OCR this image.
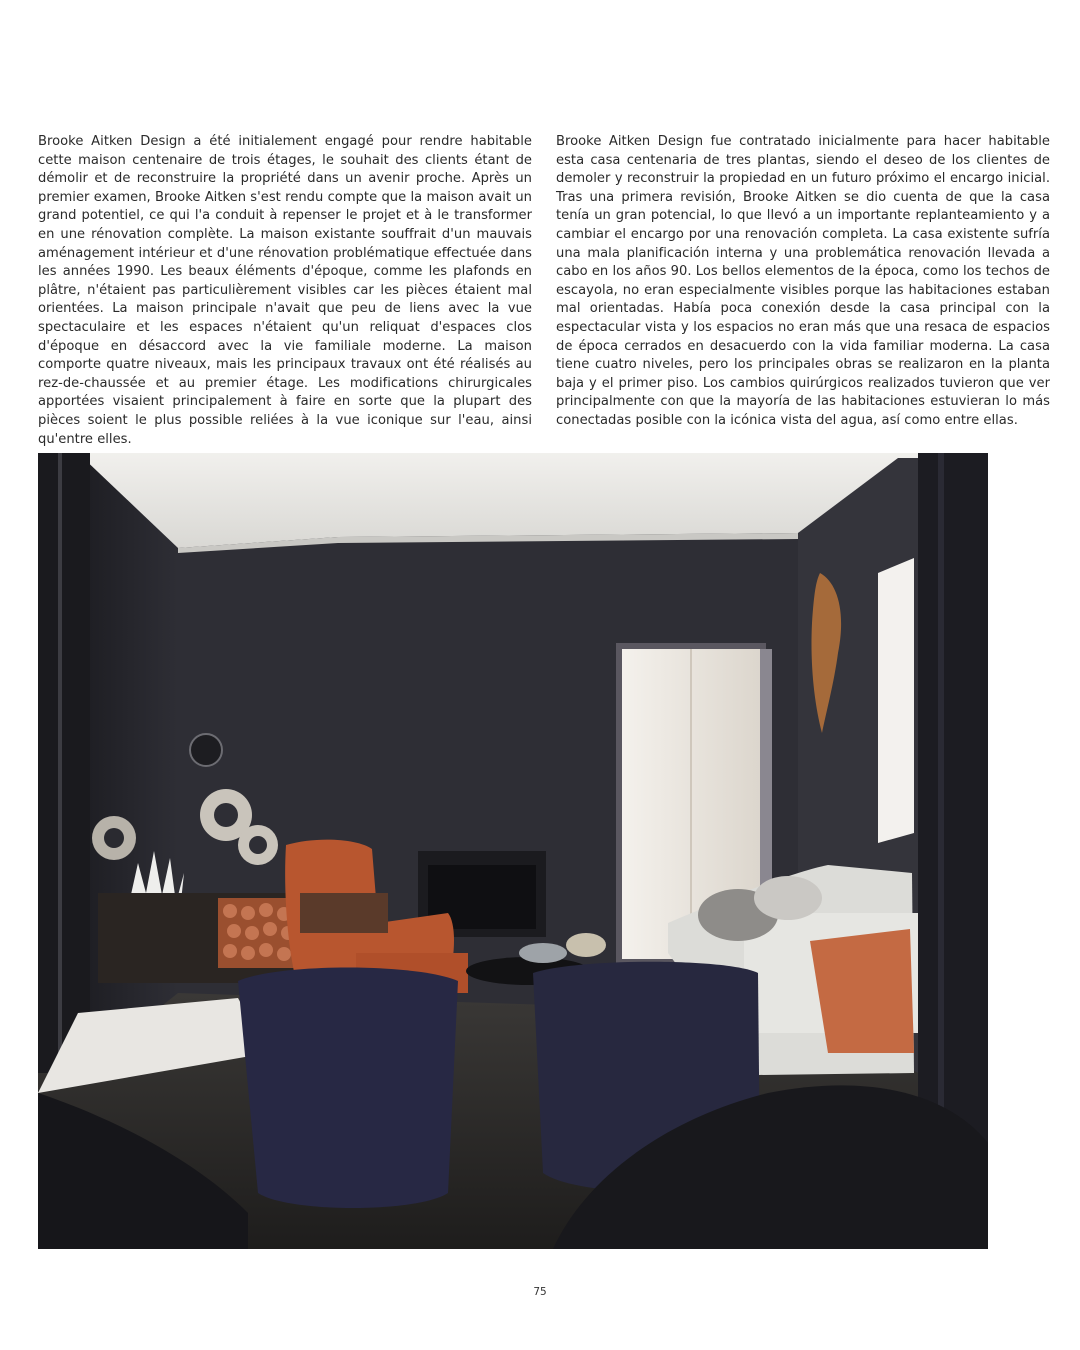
Brooke Aitken Design a été initialement engagé pour rendre habitable cette maison centenaire de trois étages, le souhait des clients étant de démolir et de reconstruire la propriété dans un avenir proche. Après un premier examen, Brooke Aitken s'est rendu compte que la maison avait un grand potentiel, ce qui l'a conduit à repenser le projet et à le transformer en une rénovation complète. La maison existante souffrait d'un mauvais aménagement intérieur et d'une rénovation problématique effectuée dans les années 1990. Les beaux éléments d'époque, comme les plafonds en plâtre, n'étaient pas particulièrement visibles car les pièces étaient mal orientées. La maison principale n'avait que peu de liens avec la vue spectaculaire et les espaces n'étaient qu'un reliquat d'espaces clos d'époque en désaccord avec la vie familiale moderne. La maison comporte quatre niveaux, mais les principaux travaux ont été réalisés au rez-de-chaussée et au premier étage. Les modifications chirurgicales apportées visaient principalement à faire en sorte que la plupart des pièces soient le plus possible reliées à la vue iconique sur l'eau, ainsi qu'entre elles.
Brooke Aitken Design fue contratado inicialmente para hacer habitable esta casa centenaria de tres plantas, siendo el deseo de los clientes de demoler y reconstruir la propiedad en un futuro próximo el encargo inicial. Tras una primera revisión, Brooke Aitken se dio cuenta de que la casa tenía un gran potencial, lo que llevó a un importante replanteamiento y a cambiar el encargo por una renovación completa. La casa existente sufría una mala planificación interna y una problemática renovación llevada a cabo en los años 90. Los bellos elementos de la época, como los techos de escayola, no eran especialmente visibles porque las habitaciones estaban mal orientadas. Había poca conexión desde la casa principal con la espectacular vista y los espacios no eran más que una resaca de espacios de época cerrados en desacuerdo con la vida familiar moderna. La casa tiene cuatro niveles, pero los principales obras se realizaron en la planta baja y el primer piso. Los cambios quirúrgicos realizados tuvieron que ver principalmente con que la mayoría de las habitaciones estuvieran lo más conectadas posible con la icónica vista del agua, así como entre ellas.
75
